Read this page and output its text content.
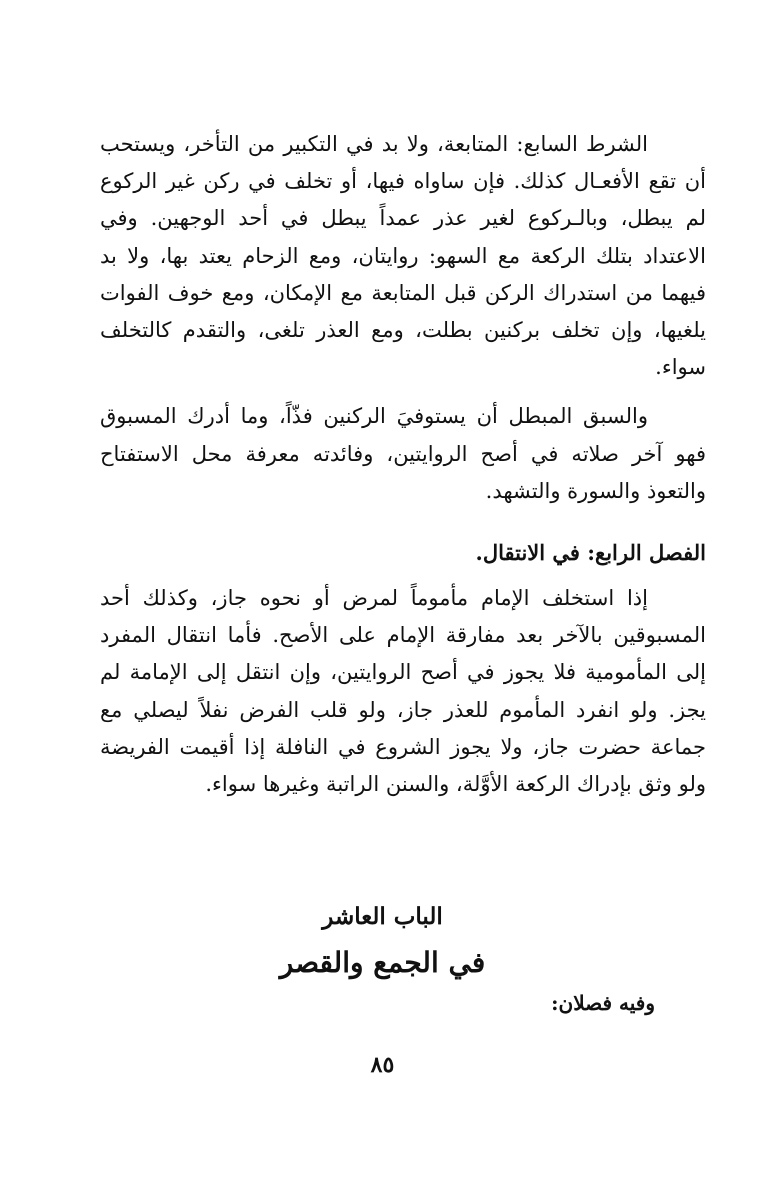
الشرط السابع: المتابعة، ولا بد في التكبير من التأخر، ويستحب أن تقع الأفعـال كذلك. فإن ساواه فيها، أو تخلف في ركن غير الركوع لم يبطل، وبالـركوع لغير عذر عمداً يبطل في أحد الوجهين. وفي الاعتداد بتلك الركعة مع السهو: روايتان، ومع الزحام يعتد بها، ولا بد فيهما من استدراك الركن قبل المتابعة مع الإمكان، ومع خوف الفوات يلغيها، وإن تخلف بركنين بطلت، ومع العذر تلغى، والتقدم كالتخلف سواء.

والسبق المبطل أن يستوفيَ الركنين فذّاً، وما أدرك المسبوق فهو آخر صلاته في أصح الروايتين، وفائدته معرفة محل الاستفتاح والتعوذ والسورة والتشهد.

الفصل الرابع: في الانتقال.

إذا استخلف الإمام مأموماً لمرض أو نحوه جاز، وكذلك أحد المسبوقين بالآخر بعد مفارقة الإمام على الأصح. فأما انتقال المفرد إلى المأمومية فلا يجوز في أصح الروايتين، وإن انتقل إلى الإمامة لم يجز. ولو انفرد المأموم للعذر جاز، ولو قلب الفرض نفلاً ليصلي مع جماعة حضرت جاز، ولا يجوز الشروع في النافلة إذا أقيمت الفريضة ولو وثق بإدراك الركعة الأوَّلة، والسنن الراتبة وغيرها سواء.

الباب العاشر
في الجمع والقصر
وفيه فصلان:
٨٥
